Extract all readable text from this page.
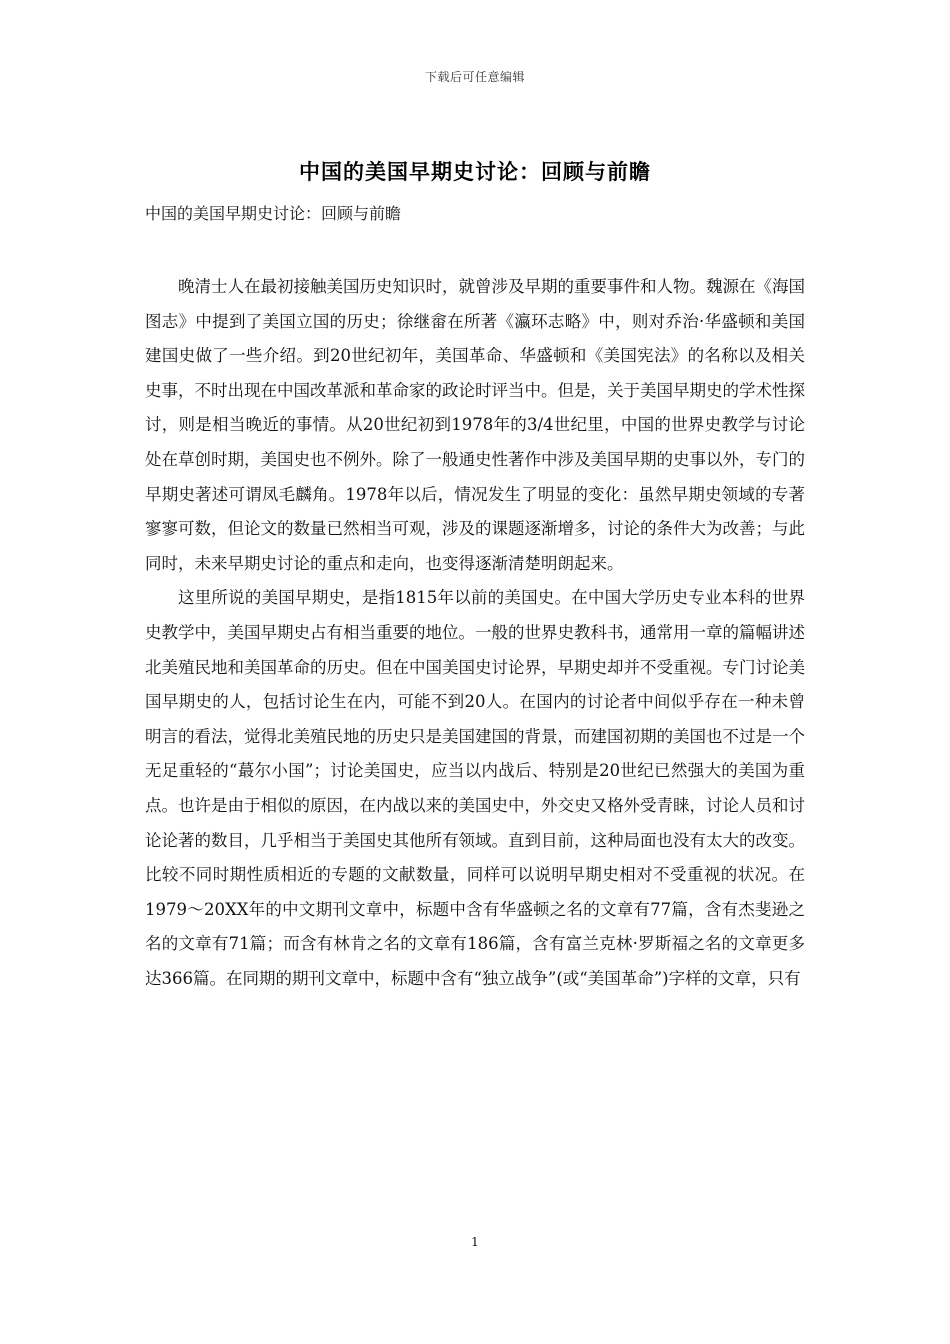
下载后可任意编辑
中国的美国早期史讨论：回顾与前瞻
中国的美国早期史讨论：回顾与前瞻

晚清士人在最初接触美国历史知识时，就曾涉及早期的重要事件和人物。魏源在《海国图志》中提到了美国立国的历史；徐继畲在所著《瀛环志略》中，则对乔治·华盛顿和美国建国史做了一些介绍。到20世纪初年，美国革命、华盛顿和《美国宪法》的名称以及相关史事，不时出现在中国改革派和革命家的政论时评当中。但是，关于美国早期史的学术性探讨，则是相当晚近的事情。从20世纪初到1978年的3/4世纪里，中国的世界史教学与讨论处在草创时期，美国史也不例外。除了一般通史性著作中涉及美国早期的史事以外，专门的早期史著述可谓凤毛麟角。1978年以后，情况发生了明显的变化：虽然早期史领域的专著寥寥可数，但论文的数量已然相当可观，涉及的课题逐渐增多，讨论的条件大为改善；与此同时，未来早期史讨论的重点和走向，也变得逐渐清楚明朗起来。

这里所说的美国早期史，是指1815年以前的美国史。在中国大学历史专业本科的世界史教学中，美国早期史占有相当重要的地位。一般的世界史教科书，通常用一章的篇幅讲述北美殖民地和美国革命的历史。但在中国美国史讨论界，早期史却并不受重视。专门讨论美国早期史的人，包括讨论生在内，可能不到20人。在国内的讨论者中间似乎存在一种未曾明言的看法，觉得北美殖民地的历史只是美国建国的背景，而建国初期的美国也不过是一个无足重轻的“蕞尔小国”；讨论美国史，应当以内战后、特别是20世纪已然强大的美国为重点。也许是由于相似的原因，在内战以来的美国史中，外交史又格外受青睐，讨论人员和讨论论著的数目，几乎相当于美国史其他所有领域。直到目前，这种局面也没有太大的改变。比较不同时期性质相近的专题的文献数量，同样可以说明早期史相对不受重视的状况。在1979～20XX年的中文期刊文章中，标题中含有华盛顿之名的文章有77篇，含有杰斐逊之名的文章有71篇；而含有林肯之名的文章有186篇，含有富兰克林·罗斯福之名的文章更多达366篇。在同期的期刊文章中，标题中含有“独立战争”(或“美国革命”)字样的文章，只有

1
